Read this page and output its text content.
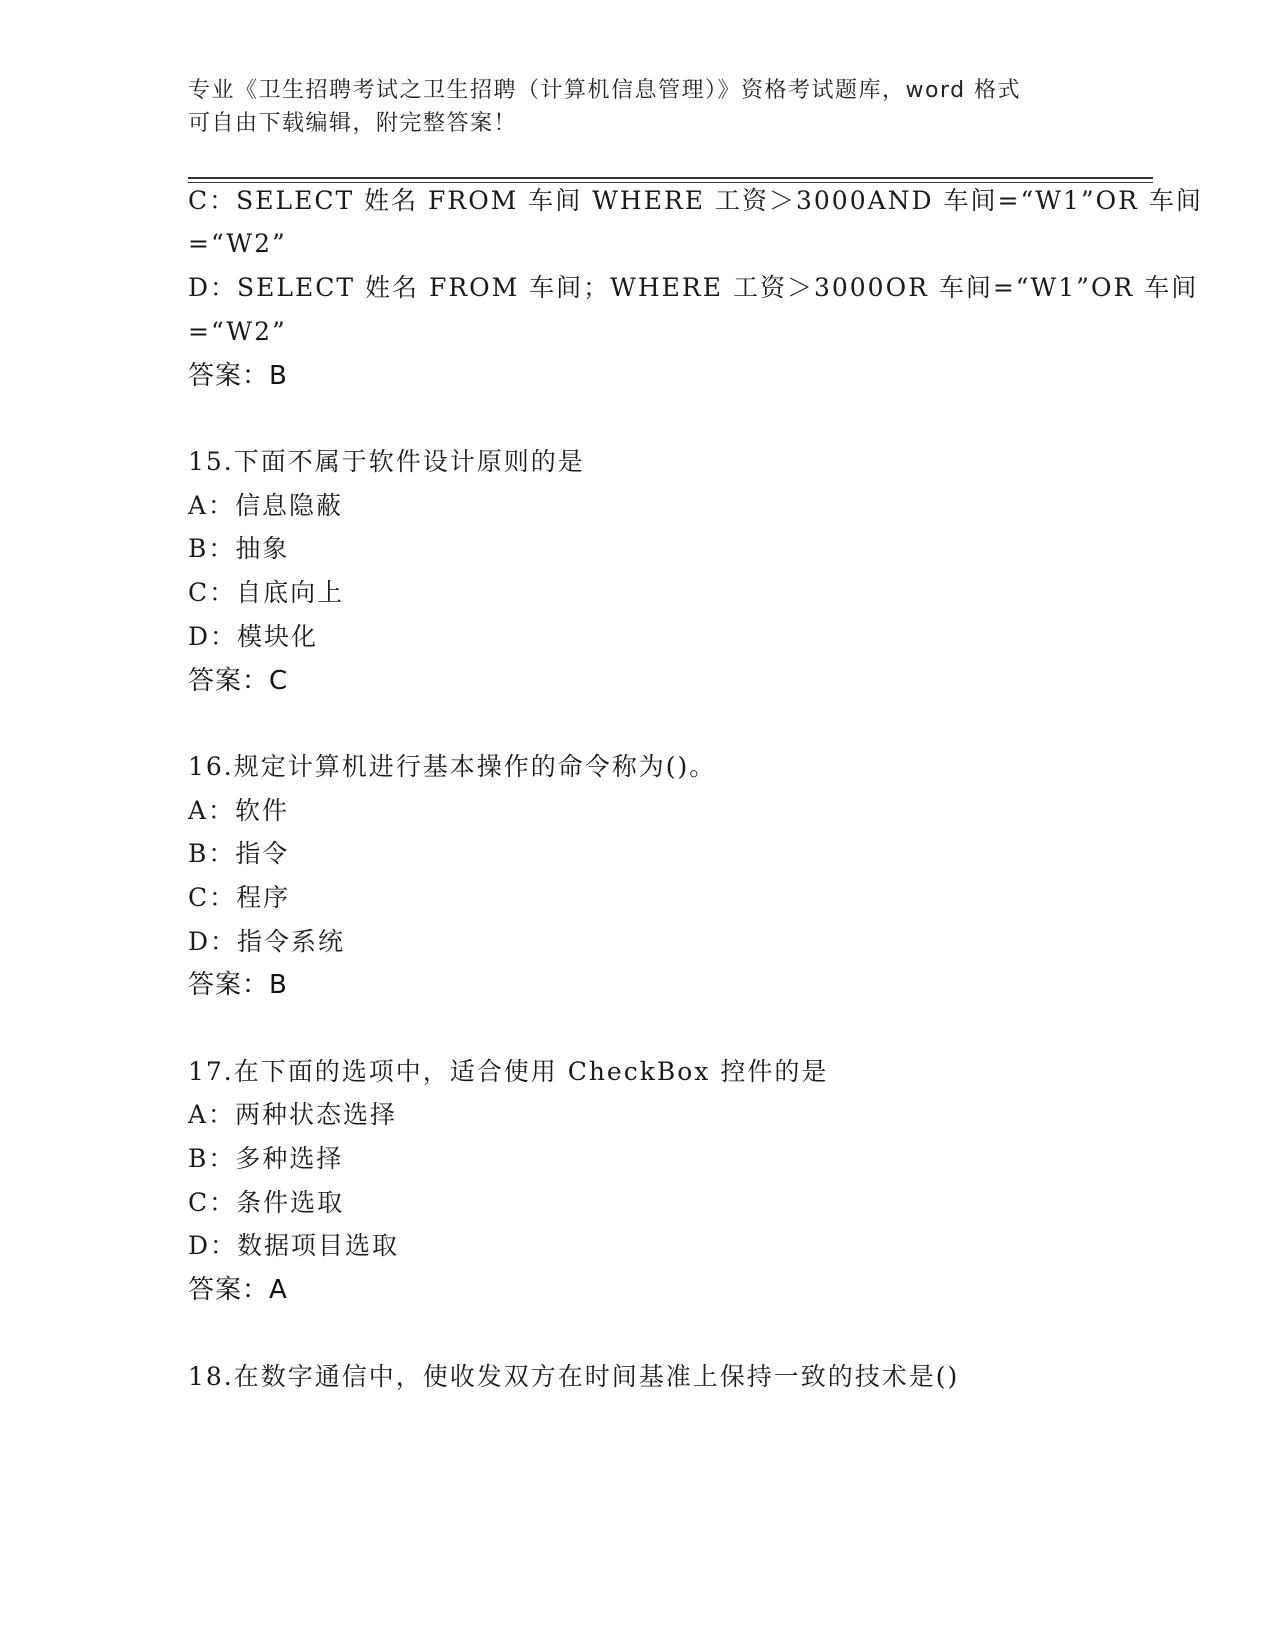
专业《卫生招聘考试之卫生招聘（计算机信息管理）》资格考试题库，word 格式
可自由下载编辑，附完整答案！
C：SELECT 姓名 FROM 车间 WHERE 工资＞3000AND 车间=“W1”OR 车间
=“W2”
D：SELECT 姓名 FROM 车间；WHERE 工资＞3000OR 车间=“W1”OR 车间
=“W2”
答案：B
15.下面不属于软件设计原则的是
A：信息隐蔽
B：抽象
C：自底向上
D：模块化
答案：C
16.规定计算机进行基本操作的命令称为()。
A：软件
B：指令
C：程序
D：指令系统
答案：B
17.在下面的选项中，适合使用 CheckBox 控件的是
A：两种状态选择
B：多种选择
C：条件选取
D：数据项目选取
答案：A
18.在数字通信中，使收发双方在时间基准上保持一致的技术是()
